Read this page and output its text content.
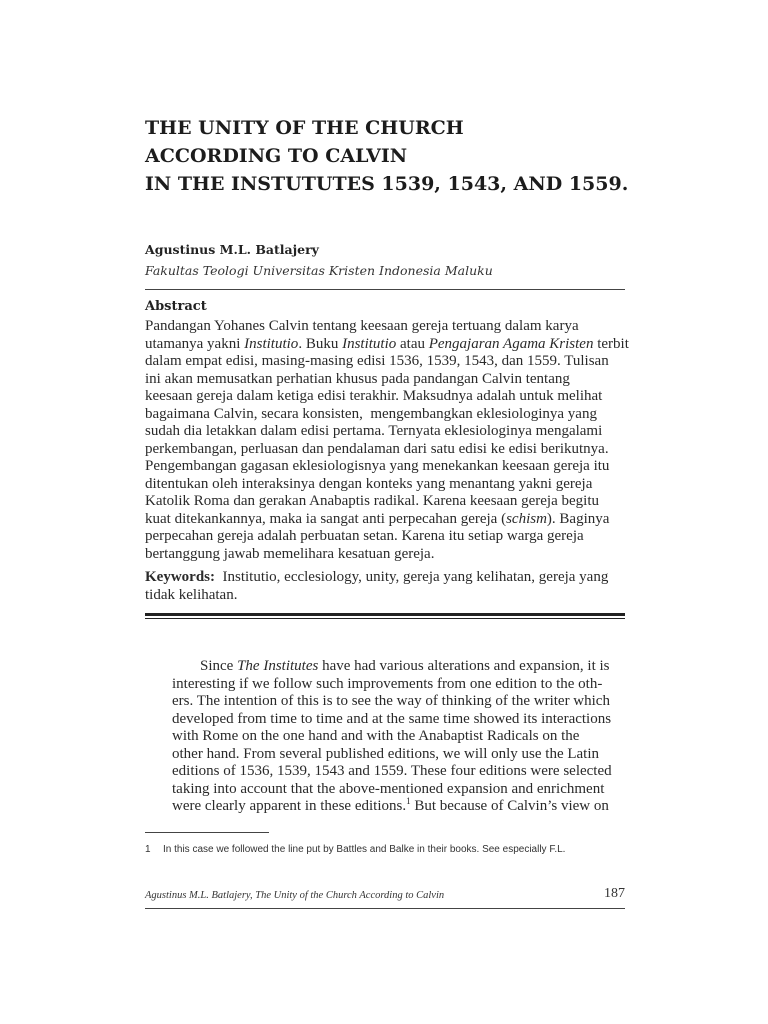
THE UNITY OF THE CHURCH
ACCORDING TO CALVIN
IN THE INSTUTUTES 1539, 1543, AND 1559.
Agustinus M.L. Batlajery
Fakultas Teologi Universitas Kristen Indonesia Maluku
Abstract
Pandangan Yohanes Calvin tentang keesaan gereja tertuang dalam karya
utamanya yakni Institutio. Buku Institutio atau Pengajaran Agama Kristen terbit
dalam empat edisi, masing-masing edisi 1536, 1539, 1543, dan 1559. Tulisan
ini akan memusatkan perhatian khusus pada pandangan Calvin tentang
keesaan gereja dalam ketiga edisi terakhir. Maksudnya adalah untuk melihat
bagaimana Calvin, secara konsisten,  mengembangkan eklesiologinya yang
sudah dia letakkan dalam edisi pertama. Ternyata eklesiologinya mengalami
perkembangan, perluasan dan pendalaman dari satu edisi ke edisi berikutnya.
Pengembangan gagasan eklesiologisnya yang menekankan keesaan gereja itu
ditentukan oleh interaksinya dengan konteks yang menantang yakni gereja
Katolik Roma dan gerakan Anabaptis radikal. Karena keesaan gereja begitu
kuat ditekankannya, maka ia sangat anti perpecahan gereja (schism). Baginya
perpecahan gereja adalah perbuatan setan. Karena itu setiap warga gereja
bertanggung jawab memelihara kesatuan gereja.
Keywords:  Institutio, ecclesiology, unity, gereja yang kelihatan, gereja yang
tidak kelihatan.
Since The Institutes have had various alterations and expansion, it is
interesting if we follow such improvements from one edition to the oth-
ers. The intention of this is to see the way of thinking of the writer which
developed from time to time and at the same time showed its interactions
with Rome on the one hand and with the Anabaptist Radicals on the
other hand. From several published editions, we will only use the Latin
editions of 1536, 1539, 1543 and 1559. These four editions were selected
taking into account that the above-mentioned expansion and enrichment
were clearly apparent in these editions.$^1$ But because of Calvin’s view on
1 In this case we followed the line put by Battles and Balke in their books. See especially F.L.
Agustinus M.L. Batlajery, The Unity of the Church According to Calvin	187
